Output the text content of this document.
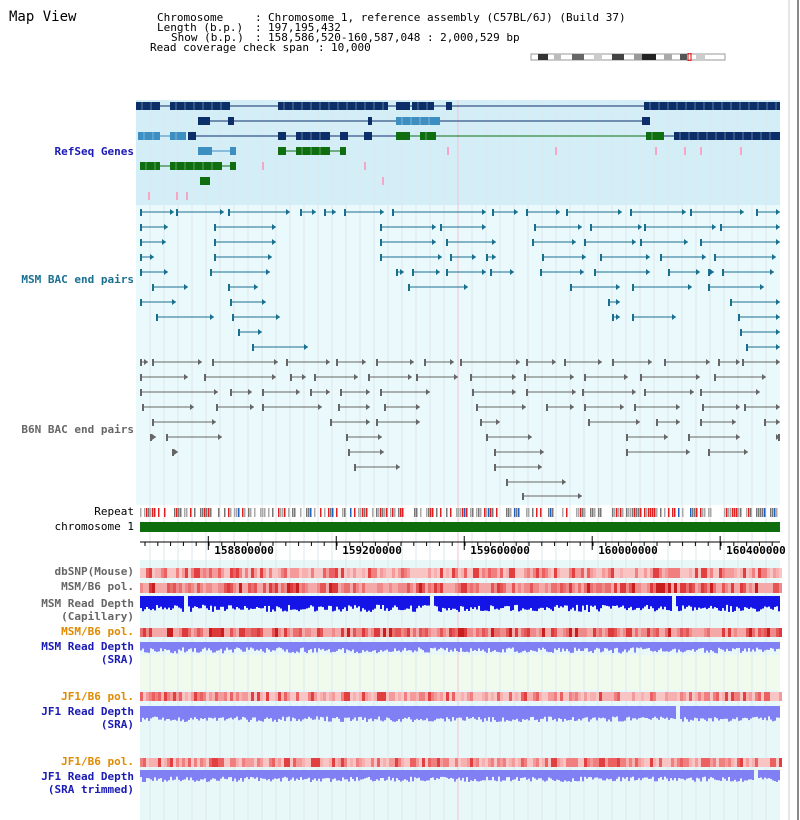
Map View	Chromosome	: Chromosome 1, reference assembly (C57BL/6J) (Build 37)
Length (b.p.) : 197,195,432
Show (b.p.) : 158,586,520-160,587,048 : 2,000,529 bp
Read coverage check span : 10,000
158800000	159200000	159600000	160000000	160400000
RefSeq Genes
MSM BAC end pairs
B6N BAC end pairs
Repeat
chromosome 1
dbSNP(Mouse)
MSM/B6 pol.
MSM Read Depth
(Capillary)
MSM/B6 pol.
MSM Read Depth
(SRA)
JF1/B6 pol.
JF1 Read Depth
(SRA)
JF1/B6 pol.
JF1 Read Depth
(SRA trimmed)
